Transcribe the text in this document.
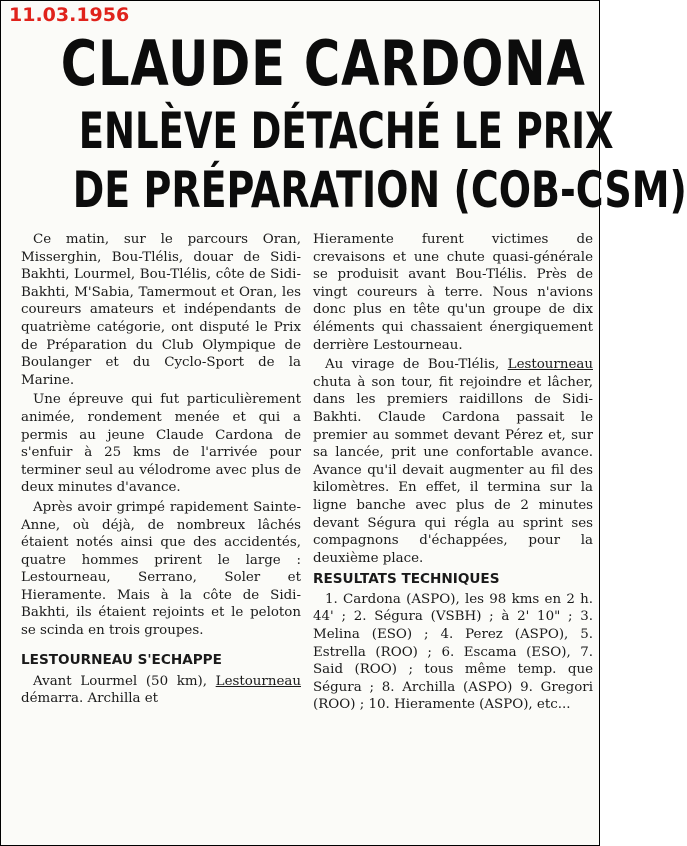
11.03.1956
CLAUDE CARDONA
ENLÈVE DÉTACHÉ LE PRIX
DE PRÉPARATION (COB-CSM)

Ce matin, sur le parcours Oran, Misserghin, Bou-Tlélis, douar de Sidi-Bakhti, Lourmel, Bou-Tlélis, côte de Sidi-Bakhti, M'Sabia, Tamermout et Oran, les coureurs amateurs et indépendants de quatrième catégorie, ont disputé le Prix de Préparation du Club Olympique de Boulanger et du Cyclo-Sport de la Marine.

Une épreuve qui fut particulièrement animée, rondement menée et qui a permis au jeune Claude Cardona de s'enfuir à 25 kms de l'arrivée pour terminer seul au vélodrome avec plus de deux minutes d'avance.

Après avoir grimpé rapidement Sainte-Anne, où déjà, de nombreux lâchés étaient notés ainsi que des accidentés, quatre hommes prirent le large : Lestourneau, Serrano, Soler et Hieramente. Mais à la côte de Sidi-Bakhti, ils étaient rejoints et le peloton se scinda en trois groupes.

LESTOURNEAU S'ECHAPPE

Avant Lourmel (50 km), Lestourneau démarra. Archilla et

Hieramente furent victimes de crevaisons et une chute quasi-générale se produisit avant Bou-Tlélis. Près de vingt coureurs à terre. Nous n'avions donc plus en tête qu'un groupe de dix éléments qui chassaient énergiquement derrière Lestourneau.

Au virage de Bou-Tlélis, Lestourneau chuta à son tour, fit rejoindre et lâcher, dans les premiers raidillons de Sidi-Bakhti. Claude Cardona passait le premier au sommet devant Pérez et, sur sa lancée, prit une confortable avance. Avance qu'il devait augmenter au fil des kilomètres. En effet, il termina sur la ligne banche avec plus de 2 minutes devant Ségura qui régla au sprint ses compagnons d'échappées, pour la deuxième place.

RESULTATS TECHNIQUES

1. Cardona (ASPO), les 98 kms en 2 h. 44' ; 2. Ségura (VSBH) ; à 2' 10" ; 3. Melina (ESO) ; 4. Perez (ASPO), 5. Estrella (ROO) ; 6. Escama (ESO), 7. Said (ROO) ; tous même temp. que Ségura ; 8. Archilla (ASPO) 9. Gregori (ROO) ; 10. Hieramente (ASPO), etc...
